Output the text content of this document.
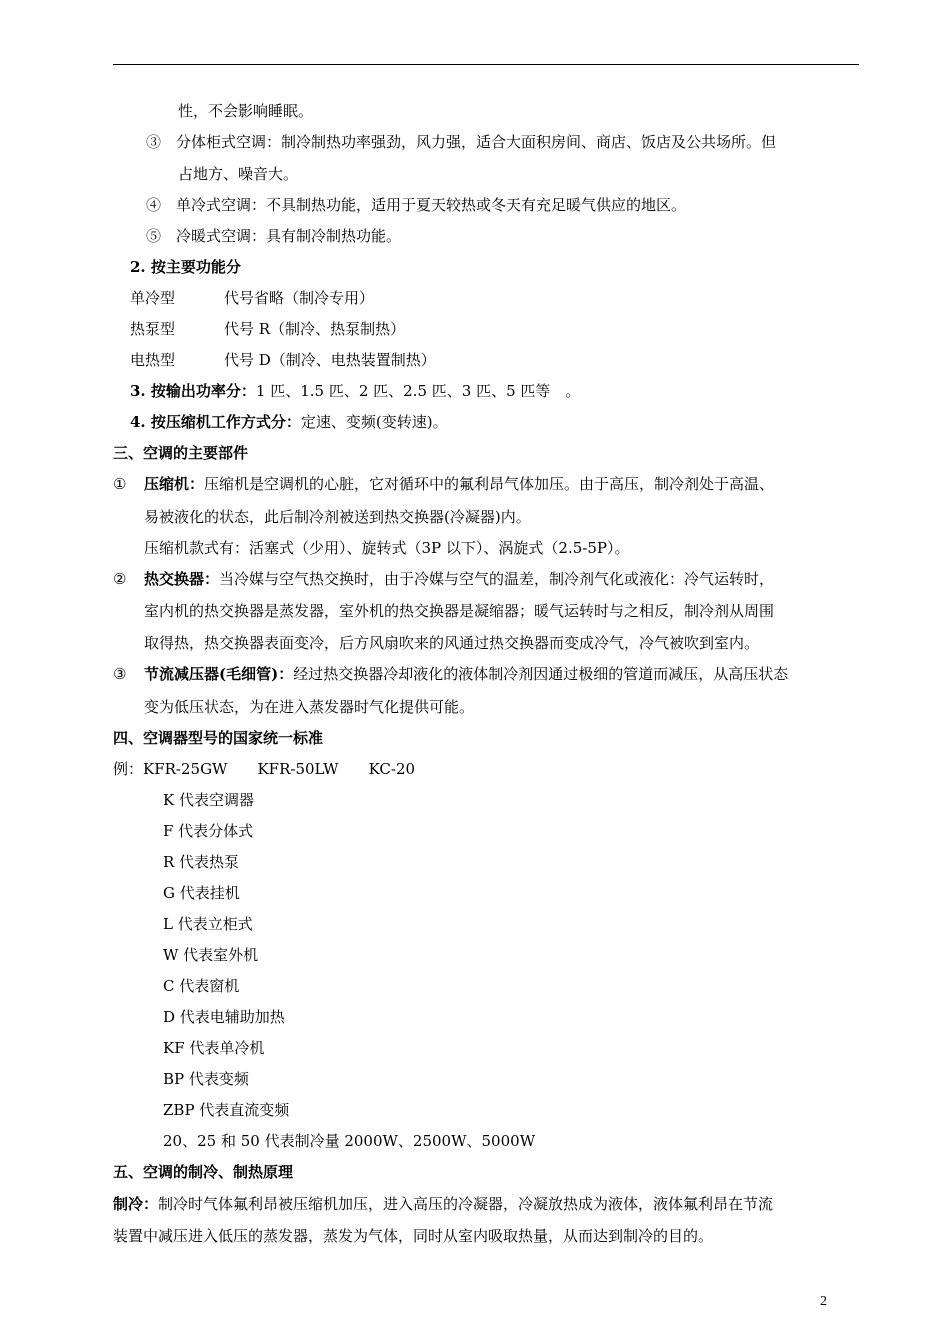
性，不会影响睡眠。
③　分体柜式空调：制冷制热功率强劲，风力强，适合大面积房间、商店、饭店及公共场所。但
占地方、噪音大。
④　单冷式空调：不具制热功能，适用于夏天较热或冬天有充足暖气供应的地区。
⑤　冷暖式空调：具有制冷制热功能。
2. 按主要功能分
单冷型	代号省略（制冷专用）
热泵型	代号 R（制冷、热泵制热）
电热型	代号 D（制冷、电热装置制热）
3. 按输出功率分：1 匹、1.5 匹、2 匹、2.5 匹、3 匹、5 匹等　。
4. 按压缩机工作方式分：定速、变频(变转速)。
三、空调的主要部件
① 压缩机：压缩机是空调机的心脏，它对循环中的氟利昂气体加压。由于高压，制冷剂处于高温、
易被液化的状态，此后制冷剂被送到热交换器(冷凝器)内。
压缩机款式有：活塞式（少用）、旋转式（3P 以下）、涡旋式（2.5-5P）。
② 热交换器：当冷媒与空气热交换时，由于冷媒与空气的温差，制冷剂气化或液化：冷气运转时，
室内机的热交换器是蒸发器，室外机的热交换器是凝缩器；暖气运转时与之相反，制冷剂从周围
取得热，热交换器表面变冷，后方风扇吹来的风通过热交换器而变成冷气，冷气被吹到室内。
③ 节流减压器(毛细管)：经过热交换器冷却液化的液体制冷剂因通过极细的管道而减压，从高压状态
变为低压状态，为在进入蒸发器时气化提供可能。
四、空调器型号的国家统一标准
例：KFR-25GW　　KFR-50LW　　KC-20
K 代表空调器
F 代表分体式
R 代表热泵
G 代表挂机
L 代表立柜式
W 代表室外机
C 代表窗机
D 代表电辅助加热
KF 代表单冷机
BP 代表变频
ZBP 代表直流变频
20、25 和 50 代表制冷量 2000W、2500W、5000W
五、空调的制冷、制热原理
制冷：制冷时气体氟利昂被压缩机加压，进入高压的冷凝器，冷凝放热成为液体，液体氟利昂在节流
装置中减压进入低压的蒸发器，蒸发为气体，同时从室内吸取热量，从而达到制冷的目的。
2
